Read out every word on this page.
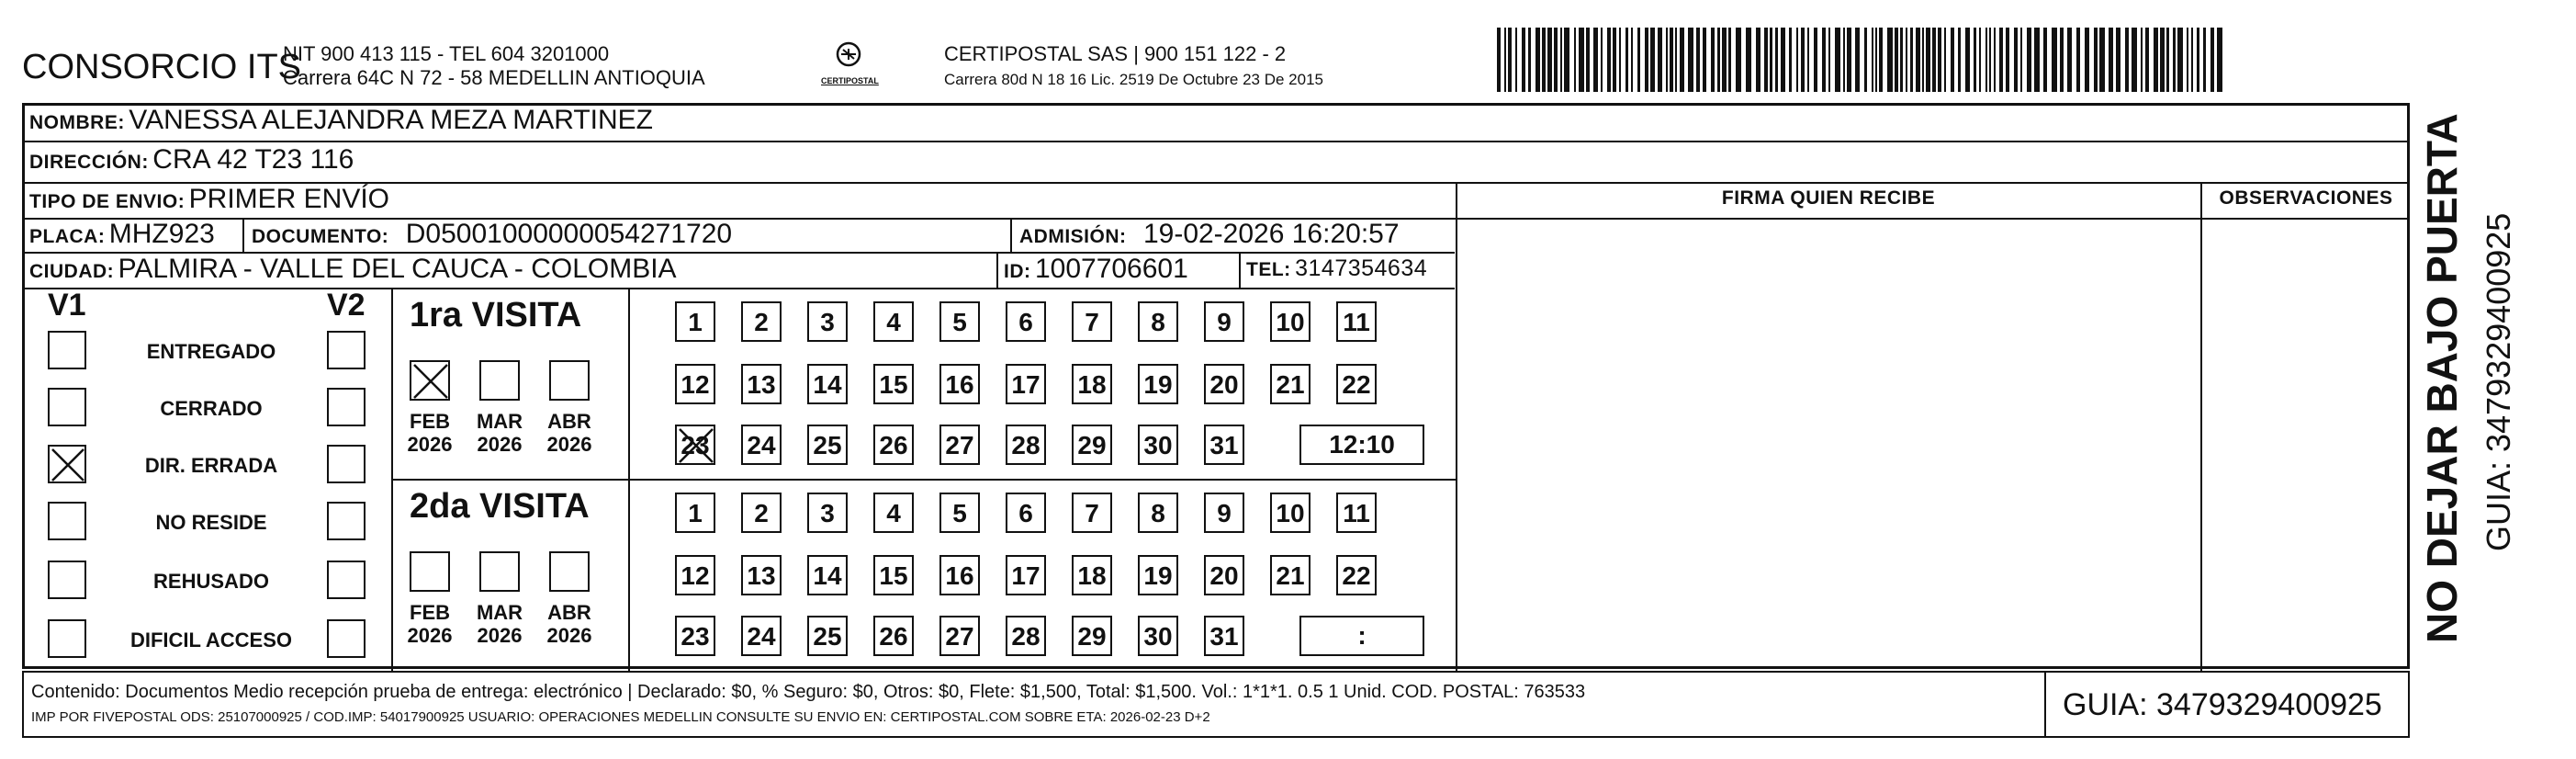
CONSORCIO ITS
NIT 900 413 115 - TEL 604 3201000
Carrera 64C N 72 - 58 MEDELLIN ANTIOQUIA	CERTIPOSTAL
CERTIPOSTAL SAS | 900 151 122 - 2
Carrera 80d N 18 16 Lic. 2519 De Octubre 23 De 2015
NOMBRE: VANESSA ALEJANDRA MEZA MARTINEZ
DIRECCIÓN: CRA 42 T23 116
TIPO DE ENVIO: PRIMER ENVÍO	FIRMA QUIEN RECIBE	OBSERVACIONES
PLACA: MHZ923 DOCUMENTO: D05001000000054271720	ADMISIÓN: 19-02-2026 16:20:57
CIUDAD: PALMIRA - VALLE DEL CAUCA - COLOMBIA	ID: 1007706601	TEL: 3147354634
V1	V2
ENTREGADO
CERRADO
DIR. ERRADA
NO RESIDE
REHUSADO
DIFICIL ACCESO
1ra VISITA
2da VISITA
FEB
2026
MAR
2026
ABR
2026
1	2	3	4	5	6	7	8	9	10 11
12 13 14 15 16 17 18 19 20 21 22
23 24 25 26 27 28 29 30 31	12:10
FEB
2026
MAR
2026
ABR
2026
1	2	3	4	5	6	7	8	9	10 11
12 13 14 15 16 17 18 19 20 21 22
23 24 25 26 27 28 29 30 31	:
Contenido: Documentos Medio recepción prueba de entrega: electrónico | Declarado: $0, % Seguro: $0, Otros: $0, Flete: $1,500, Total: $1,500. Vol.: 1*1*1. 0.5 1 Unid. COD. POSTAL: 763533
IMP POR FIVEPOSTAL ODS: 25107000925 / COD.IMP: 54017900925 USUARIO: OPERACIONES MEDELLIN CONSULTE SU ENVIO EN: CERTIPOSTAL.COM SOBRE ETA: 2026-02-23 D+2	GUIA: 3479329400925
NO DEJAR BAJO PUERTA GUIA: 3479329400925
